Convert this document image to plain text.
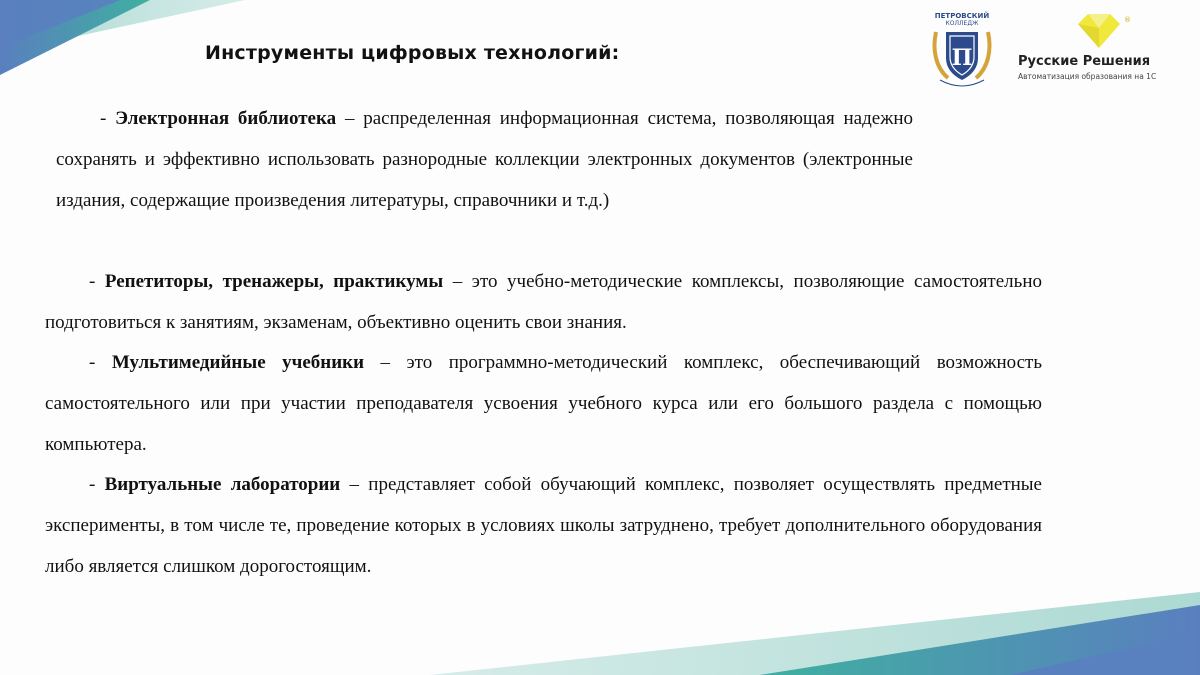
Инструменты цифровых технологий:
ПЕТРОВСКИЙ
КОЛЛЕДЖ
П
®
Русские Решения
Автоматизация образования на 1С

- Электронная библиотека – распределенная информационная система, позволяющая надежно сохранять и эффективно использовать разнородные коллекции электронных документов (электронные издания, содержащие произведения литературы, справочники и т.д.)

- Репетиторы, тренажеры, практикумы – это учебно-методические комплексы, позволяющие самостоятельно подготовиться к занятиям, экзаменам, объективно оценить свои знания.

- Мультимедийные учебники – это программно-методический комплекс, обеспечивающий возможность самостоятельного или при участии преподавателя усвоения учебного курса или его большого раздела с помощью компьютера.

- Виртуальные лаборатории – представляет собой обучающий комплекс, позволяет осуществлять предметные эксперименты, в том числе те, проведение которых в условиях школы затруднено, требует дополнительного оборудования либо является слишком дорогостоящим.
